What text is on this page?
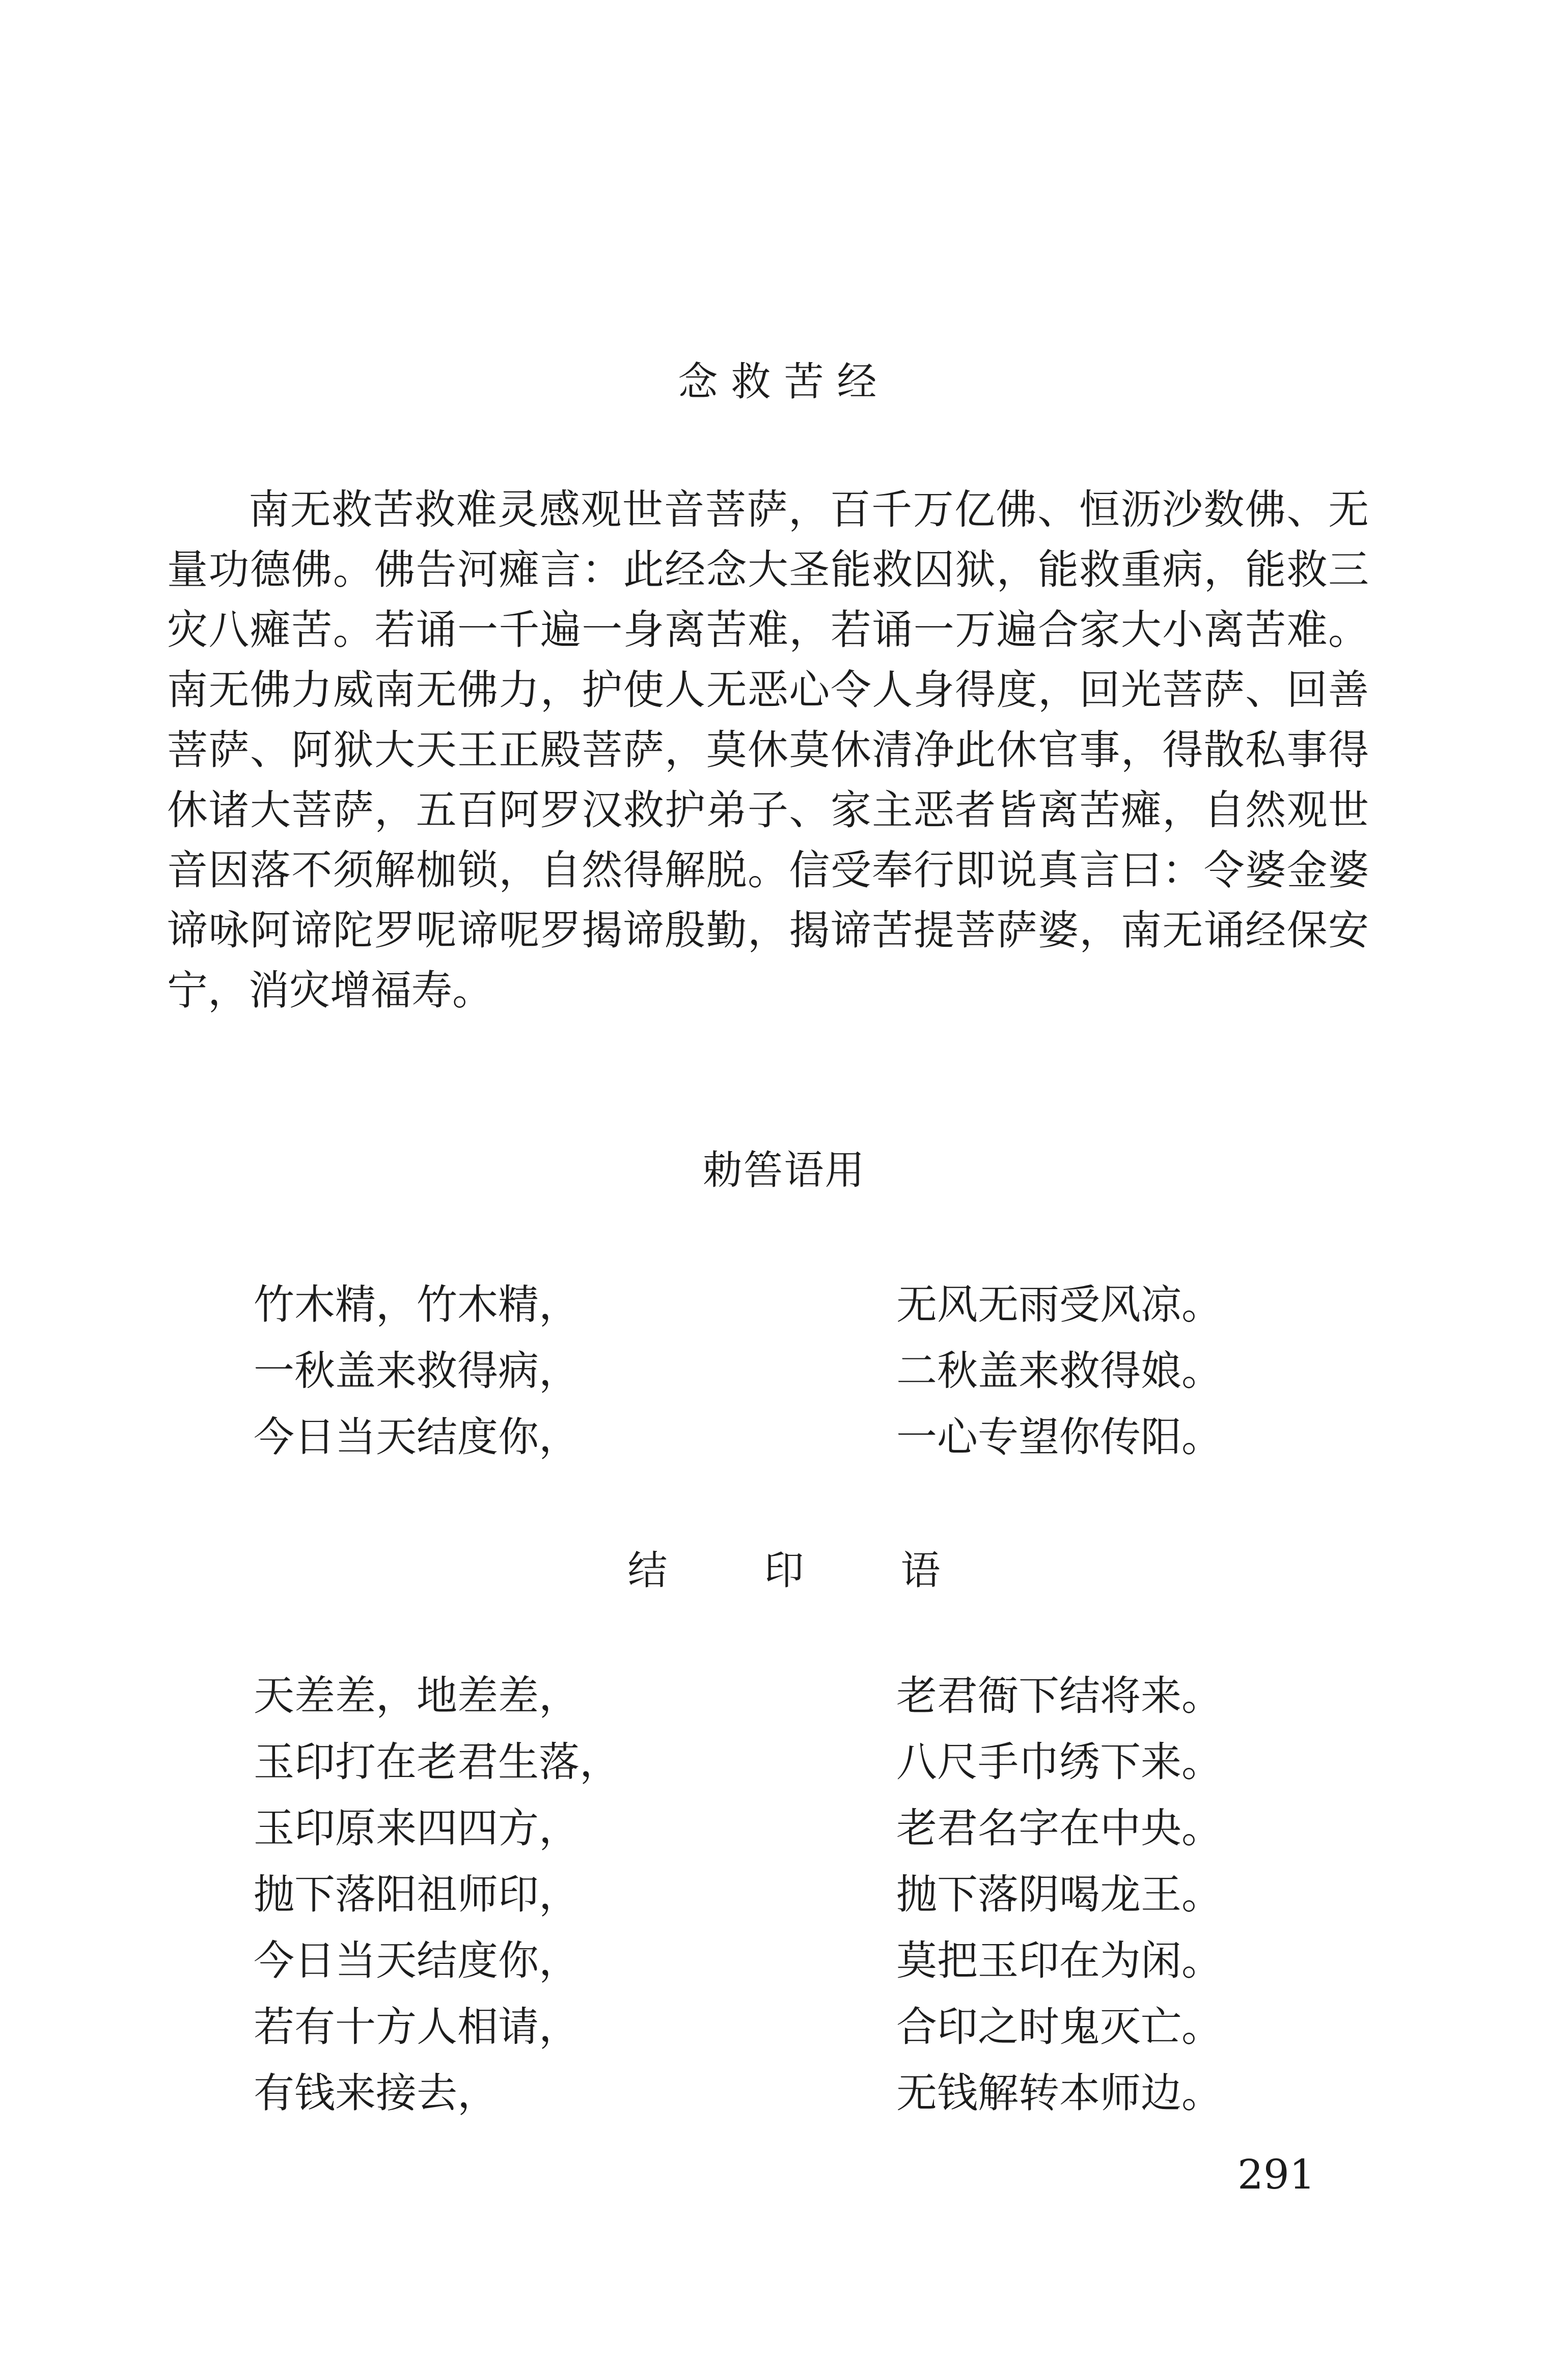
念救苦经

南无救苦救难灵感观世音菩萨，百千万亿佛、恒沥沙数佛、无量功德佛。佛告河瘫言：此经念大圣能救囚狱，能救重病，能救三灾八瘫苦。若诵一千遍一身离苦难，若诵一万遍合家大小离苦难。南无佛力威南无佛力，护使人无恶心令人身得度，回光菩萨、回善菩萨、阿狱大天王正殿菩萨，莫休莫休清净此休官事，得散私事得休诸大菩萨，五百阿罗汉救护弟子、家主恶者皆离苦瘫，自然观世音因落不须解枷锁，自然得解脱。信受奉行即说真言曰：令婆金婆谛咏阿谛陀罗呢谛呢罗揭谛殷勤，揭谛苦提菩萨婆，南无诵经保安宁，消灾增福寿。

勅筶语用
竹木精，竹木精，	无风无雨受风凉。
一秋盖来救得病，	二秋盖来救得娘。
今日当天结度你，	一心专望你传阳。
结 印 语
天差差，地差差，	老君衙下结将来。
玉印打在老君生落，	八尺手巾绣下来。
玉印原来四四方，	老君名字在中央。
抛下落阳祖师印，	抛下落阴喝龙王。
今日当天结度你，	莫把玉印在为闲。
若有十方人相请，	合印之时鬼灭亡。
有钱来接去，	无钱解转本师边。
291
